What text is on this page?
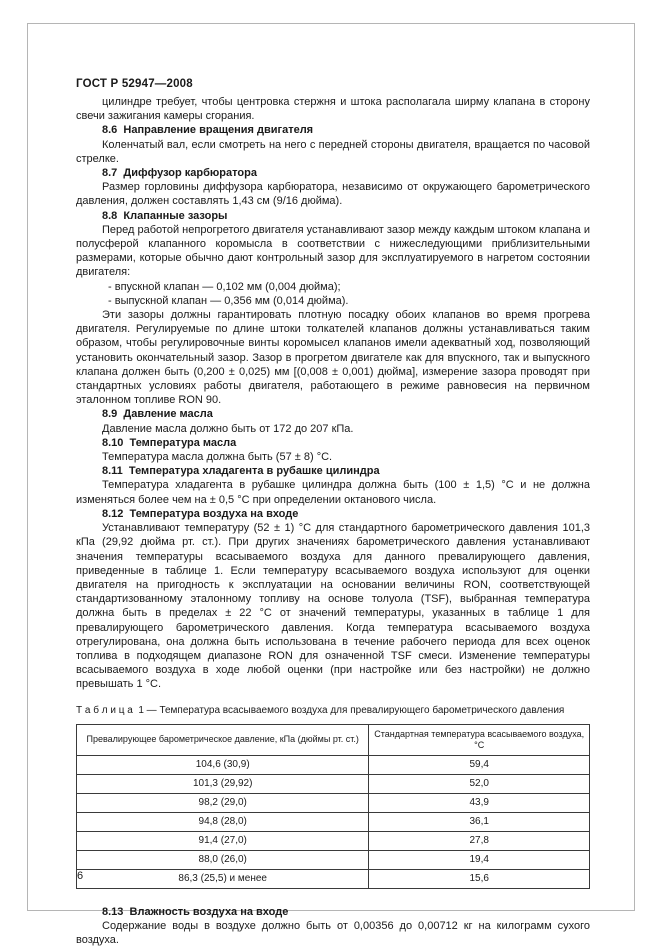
ГОСТ Р 52947—2008
цилиндре требует, чтобы центровка стержня и штока располагала ширму клапана в сторону свечи зажигания камеры сгорания.
8.6  Направление вращения двигателя
Коленчатый вал, если смотреть на него с передней стороны двигателя, вращается по часовой стрелке.
8.7  Диффузор карбюратора
Размер горловины диффузора карбюратора, независимо от окружающего барометрического давления, должен составлять 1,43 см (9/16 дюйма).
8.8  Клапанные зазоры
Перед работой непрогретого двигателя устанавливают зазор между каждым штоком клапана и полусферой клапанного коромысла в соответствии с нижеследующими приблизительными размерами, которые обычно дают контрольный зазор для эксплуатируемого в нагретом состоянии двигателя:
- впускной клапан — 0,102 мм (0,004 дюйма);
- выпускной клапан — 0,356 мм (0,014 дюйма).
Эти зазоры должны гарантировать плотную посадку обоих клапанов во время прогрева двигателя. Регулируемые по длине штоки толкателей клапанов должны устанавливаться таким образом, чтобы регулировочные винты коромысел клапанов имели адекватный ход, позволяющий установить окончательный зазор. Зазор в прогретом двигателе как для впускного, так и выпускного клапана должен быть (0,200 ± 0,025) мм [(0,008 ± 0,001) дюйма], измерение зазора проводят при стандартных условиях работы двигателя, работающего в режиме равновесия на первичном эталонном топливе RON 90.
8.9  Давление масла
Давление масла должно быть от 172 до 207 кПа.
8.10  Температура масла
Температура масла должна быть (57 ± 8) °С.
8.11  Температура хладагента в рубашке цилиндра
Температура хладагента в рубашке цилиндра должна быть (100 ± 1,5) °С и не должна изменяться более чем на ± 0,5 °С при определении октанового числа.
8.12  Температура воздуха на входе
Устанавливают температуру (52 ± 1) °С для стандартного барометрического давления 101,3 кПа (29,92 дюйма рт. ст.). При других значениях барометрического давления устанавливают значения температуры всасываемого воздуха для данного превалирующего давления, приведенные в таблице 1. Если температуру всасываемого воздуха используют для оценки двигателя на пригодность к эксплуатации на основании величины RON, соответствующей стандартизованному эталонному топливу на основе толуола (TSF), выбранная температура должна быть в пределах ± 22 °С от значений температуры, указанных в таблице 1 для превалирующего барометрического давления. Когда температура всасываемого воздуха отрегулирована, она должна быть использована в течение рабочего периода для всех оценок топлива в подходящем диапазоне RON для означенной TSF смеси. Изменение температуры всасываемого воздуха в ходе любой оценки (при настройке или без настройки) не должно превышать 1 °С.
Т а б л и ц а  1 — Температура всасываемого воздуха для превалирующего барометрического давления
Превалирующее барометрическое давление, кПа (дюймы рт. ст.)	Стандартная температура всасываемого воздуха, °С
104,6 (30,9)	59,4
101,3 (29,92)	52,0
98,2 (29,0)	43,9
94,8 (28,0)	36,1
91,4 (27,0)	27,8
88,0 (26,0)	19,4
86,3 (25,5) и менее	15,6
8.13  Влажность воздуха на входе
Содержание воды в воздухе должно быть от 0,00356 до 0,00712 кг на килограмм сухого воздуха.
6
